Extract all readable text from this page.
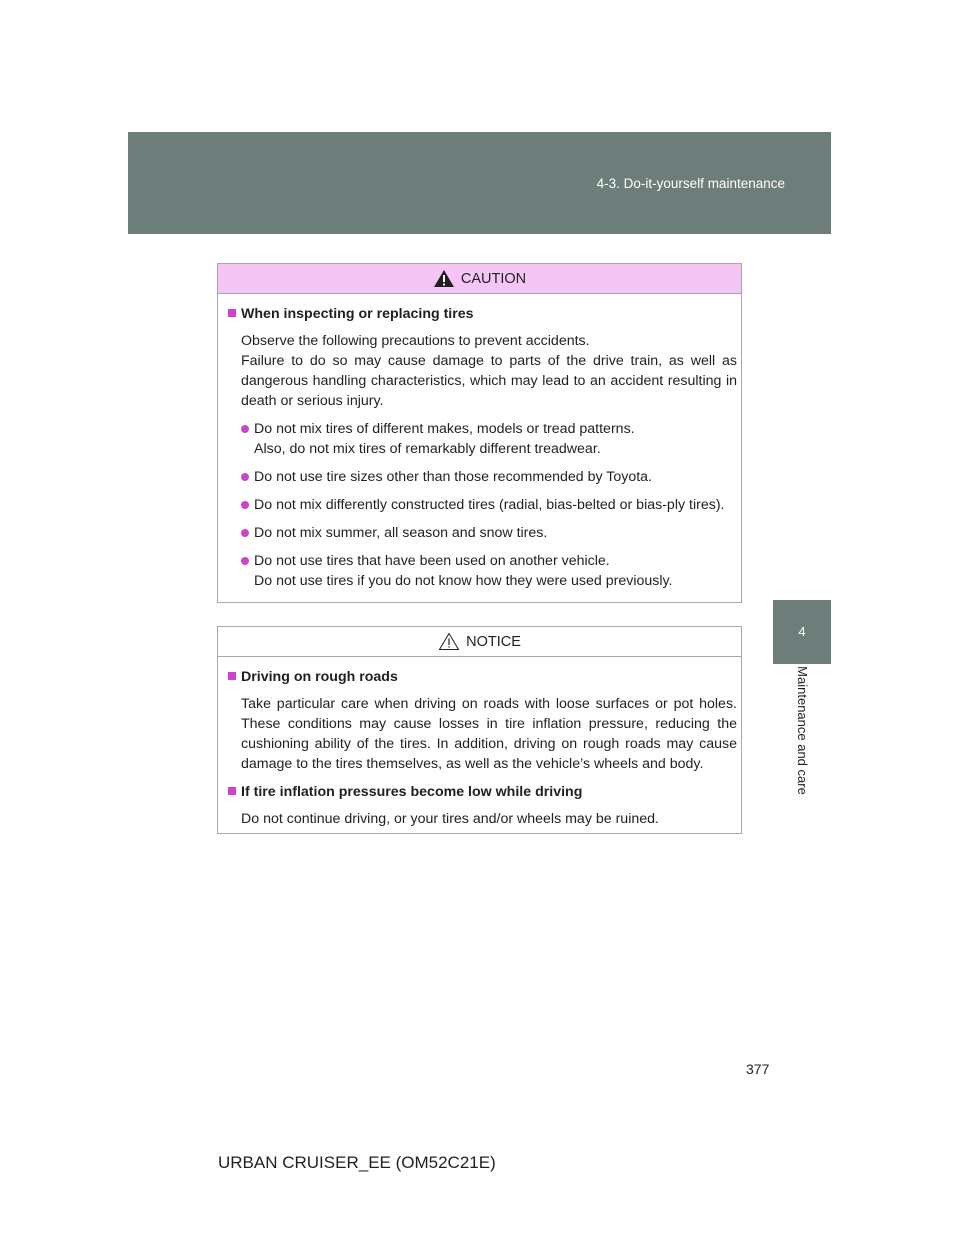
4-3. Do-it-yourself maintenance
4
Maintenance and care
CAUTION
When inspecting or replacing tires
Observe the following precautions to prevent accidents.
Failure to do so may cause damage to parts of the drive train, as well as dangerous handling characteristics, which may lead to an accident resulting in death or serious injury.
Do not mix tires of different makes, models or tread patterns.
Also, do not mix tires of remarkably different treadwear.
Do not use tire sizes other than those recommended by Toyota.
Do not mix differently constructed tires (radial, bias-belted or bias-ply tires).
Do not mix summer, all season and snow tires.
Do not use tires that have been used on another vehicle.
Do not use tires if you do not know how they were used previously.
NOTICE
Driving on rough roads
Take particular care when driving on roads with loose surfaces or pot holes. These conditions may cause losses in tire inflation pressure, reducing the cushioning ability of the tires. In addition, driving on rough roads may cause damage to the tires themselves, as well as the vehicle’s wheels and body.
If tire inflation pressures become low while driving
Do not continue driving, or your tires and/or wheels may be ruined.
377
URBAN CRUISER_EE (OM52C21E)
